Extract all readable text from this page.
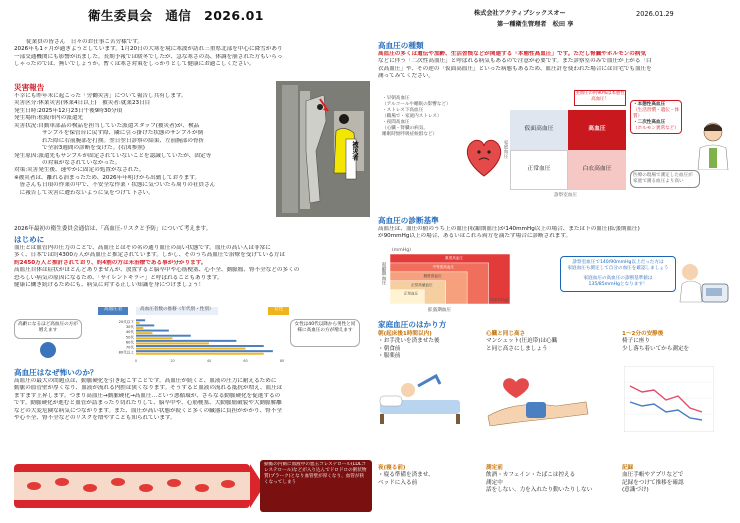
衛生委員会　通信　2026.01	株式会社アクティブシックスオー	2026.01.29
第一種衛生管理者　松田 享
従業員の皆さん　日々のお仕事ご苦労様です。
2026年も1ヶ月が過ぎようとしています。1月20日の大寒を境に寒波が訪れ三重県北部を中心に降雪があり
一部交通機関にも影響が出ました。長期予報では暖冬でしたが、急な寒さの為、体調を崩された方もいらっ
しゃったのでは、無いでしょうか。暫くは寒さ対策をしっかりとして健康にお過ごしください。
災害報告
不幸にも昨年末に起こった「労働災害」について報告し共有します。
災害区分:休業災害(休業4日以上)　被災者:就業23日目
発生日時:2025年12月23日午後9時30分頃
発生場所:松阪市内の派遣先
災害状況:自動車部品の検品を担当していた派遣スタッフ(被災者)が、検品
　　　　　サンプルを保管台に戻す際、隣に引っ掛けた状態のサンプルが倒
　　　　　れた際に右前腕部を打撲。翌日翌日診察の結果、左前腕部の骨折
　　　　　で全治3週間の診断を受けた。(右図参照)
発生原因:派遣先もサンプルが固定されていないことを認識していたが、固定等
　　　　　の対策がなされていなかった。
対策:災害発生後、速やかに固定の処置がなされた。
※被災者は、離れる治まったため、2026年年明けから出勤しております。
　皆さんも日頃の作業の中で、不安全な作業・状態に気づいたら周りの社員さん
　に報告して災害に遭わないように気をつけて下さい。
被災者
2026年最初の衛生委員会通信は、「高血圧-リスクと予防」について考えます。
はじめに
血圧とは血管内の圧力のことで、高血圧とはその名の通り血圧の高い状態です。血圧の高い人は非常に
多く、日本では約4300万人が高血圧と推定されています。しかし、そのうち高血圧で治療を受けている方は
約2450万人と推計されており、約4割の方は未治療である事が分かります。
高血圧自体は症状がほとんどありませんが、放置すると脳卒中や心筋梗塞、心不全、動脈瘤、腎不全などの多くの
恐ろしい病気の原因になるため、「サイレントキラー」と呼ばれることもあります。
健康に働き続けるためにも、病気に対する正しい知識を身につけましょう！
高血圧者	高血圧者数の推移（年代別・性別）	女性
高齢になるほど高血圧の方が増えます
女性は40代以降から男性と同様に高血圧の方が増えます
20代以下
30代
40代
50代
60代
70代
80代以上
0	20	40	60	80
高血圧はなぜ怖いのか？
高血圧の最大の問題点は、動脈硬化を引き起こすことです。高血圧が続くと、血液の圧力に耐えるために
動脈の血管壁が厚くなり、血液が流れる内腔は狭くなります。そうすると血液の流れる抵抗が増え、血圧は
ますます上昇します。つまり高血圧→動脈硬化→高血圧…という悪循環が、さらなる動脈硬化を促進するの
です。動脈硬化が進むと血管が詰まったり切れたりして、脳卒中や、心筋梗塞、大動脈瘤破裂や大動脈解離
などの大変危険な病気につながります。また、血圧が高い状態が続くと多くの臓器に負担がかかり、腎不全
や心不全、腎不全などのリスクを増やすことも知られています。
動脈の内側に血液中の悪玉コレステロール(LDLコレステロール)などが入り込んでドロドロの粥状物質(プラーク)となり血管壁が厚くなり、血管が狭くなってしまう
高血圧の種類
高血圧の多くは遺伝や加齢、生活習慣などが関連する「本態性高血圧」です。ただし腎臓やホルモンの病気
などに伴う「二次性高血圧」と呼ばれる病気もあるので注意が必要です。また診察室のみで血圧が上がる「白
衣高血圧」や、その逆の「仮面高血圧」といった病態もあるため、血圧計を使われた場合には自宅でも血圧を
測ってみてください。
・早朝高血圧
（アルコールや睡眠の影響など）
・ストレス下高血圧
（職場で・家庭内ストレス）
・夜間高血圧
（心臓・腎臓の病気、
睡眠時無呼吸症候群など）
家庭血圧
仮面高血圧	高血圧
正常血圧	白衣高血圧
実血圧の約90%は本態性高血圧！
診察室血圧
・本態性高血圧
（生活習慣・遺伝・体質）
・二次性高血圧
（ホルモン異常など）
医療の現場で測定した血圧が家庭で測る血圧より高い
高血圧の診断基準
高血圧は、血圧の値のうち上の血圧(収縮期血圧)が140mmHg以上の場合、または下の血圧(拡張期血圧)
が90mmHg以上の場合、あるいはこれら両方を満たす場合に診断されます。
収縮期血圧
(mmHg)
重度高血圧
中等度高血圧
軽度高血圧
正常高値血圧
正常血圧
拡張期血圧
(mmHg)
診察室血圧で140/90mmHg以上だった方は
家庭血圧も測定して自分の血圧を確認しましょう
家庭血圧の高血圧の診断基準値は
135/85mmHgとなります！
家庭血圧のはかり方
朝(起床後1時間以内)
・お手洗いを済ませた後
・朝食前
・服薬前
夜(寝る前)
・寝る準備を済ませ、
ベッドに入る前
心臓と同じ高さ
マンシェット(圧迫帯)は心臓
と同じ高さにしましょう
測定前
飲酒・カフェイン・たばこは控える
測定中
話をしない、力を入れたり動いたりしない
1～2分の安静後
椅子に座り
少し落ち着いてから測定を
記録
血圧手帳やアプリなどで
記録をつけて推移を確認
(意識づけ)
